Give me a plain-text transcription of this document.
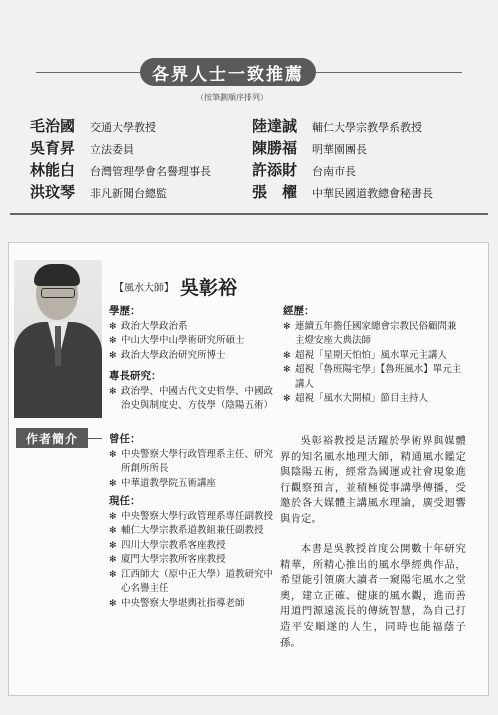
各界人士一致推薦
（按筆劃順序排列）
毛治國	交通大學教授
吳育昇	立法委員
林能白	台灣管理學會名譽理事長
洪玟琴	非凡新聞台總監
陸達誠	輔仁大學宗教學系教授
陳勝福	明華園團長
許添財	台南市長
張　櫂	中華民國道教總會秘書長
作者簡介
【風水大師】 吳彰裕
學歷：
✻ 政治大學政治系
✻ 中山大學中山學術研究所碩士
✻ 政治大學政治研究所博士
專長研究：
✻ 政治學、中國古代文史哲學、中國政治史與制度史、方伎學（陰陽五術）
曾任：
✻ 中央警察大學行政管理系主任、研究所創所所長
✻ 中華道教學院五術講座
現任：
✻ 中央警察大學行政管理系專任副教授
✻ 輔仁大學宗教系道教組兼任副教授
✻ 四川大學宗教系客座教授
✻ 廈門大學宗教所客座教授
✻ 江西師大（原中正大學）道教研究中心名譽主任
✻ 中央警察大學堪輿社指導老師
經歷：
✻ 連續五年擔任國家總會宗教民俗顧問兼主燈安座大典法師
✻ 超視「星期天怕怕」風水單元主講人
✻ 超視「魯班陽宅學」【魯班風水】單元主講人
✻ 超視「風水大開槓」節目主持人
吳彰裕教授是活躍於學術界與媒體界的知名風水地理大師，精通風水鑑定與陰陽五術，經常為國運或社會現象進行觀察預言，並積極從事講學傳播，受邀於各大媒體主講風水理論，廣受迴響與肯定。
本書是吳教授首度公開數十年研究精華，所精心推出的風水學經典作品，希望能引領廣大讀者一窺陽宅風水之堂奧，建立正確、健康的風水觀，進而善用道門源遠流長的傳統智慧，為自己打造平安順遂的人生，同時也能福蔭子孫。
